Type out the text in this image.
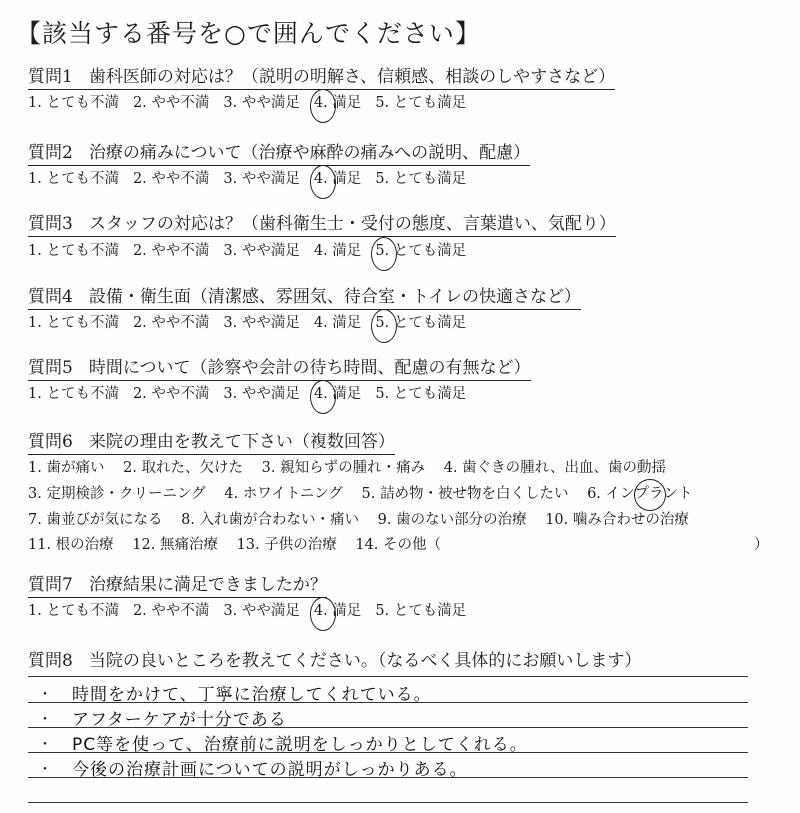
【該当する番号を○で囲んでください】
質問1 歯科医師の対応は？（説明の明解さ、信頼感、相談のしやすさなど）
1. とても不満 2. やや不満 3. やや満足 4. 満足 5. とても満足
質問2 治療の痛みについて（治療や麻酔の痛みへの説明、配慮）
1. とても不満 2. やや不満 3. やや満足 4. 満足 5. とても満足
質問3 スタッフの対応は？（歯科衛生士・受付の態度、言葉遣い、気配り）
1. とても不満 2. やや不満 3. やや満足 4. 満足 5. とても満足
質問4 設備・衛生面（清潔感、雰囲気、待合室・トイレの快適さなど）
1. とても不満 2. やや不満 3. やや満足 4. 満足 5. とても満足
質問5 時間について（診察や会計の待ち時間、配慮の有無など）
1. とても不満 2. やや不満 3. やや満足 4. 満足 5. とても満足
質問6 来院の理由を教えて下さい（複数回答）
1. 歯が痛い 2. 取れた、欠けた 3. 親知らずの腫れ・痛み 4. 歯ぐきの腫れ、出血、歯の動揺
3. 定期検診・クリーニング 4. ホワイトニング 5. 詰め物・被せ物を白くしたい 6. インプラント
7. 歯並びが気になる 8. 入れ歯が合わない・痛い 9. 歯のない部分の治療 10. 噛み合わせの治療
11. 根の治療 12. 無痛治療 13. 子供の治療 14. その他（	）
質問7 治療結果に満足できましたか？
1. とても不満 2. やや不満 3. やや満足 4. 満足 5. とても満足
質問8 当院の良いところを教えてください。（なるべく具体的にお願いします）
・
・
・
・
時間をかけて、丁寧に治療してくれている。
アフターケアが十分である
PC等を使って、治療前に説明をしっかりとしてくれる。
今後の治療計画についての説明がしっかりある。
